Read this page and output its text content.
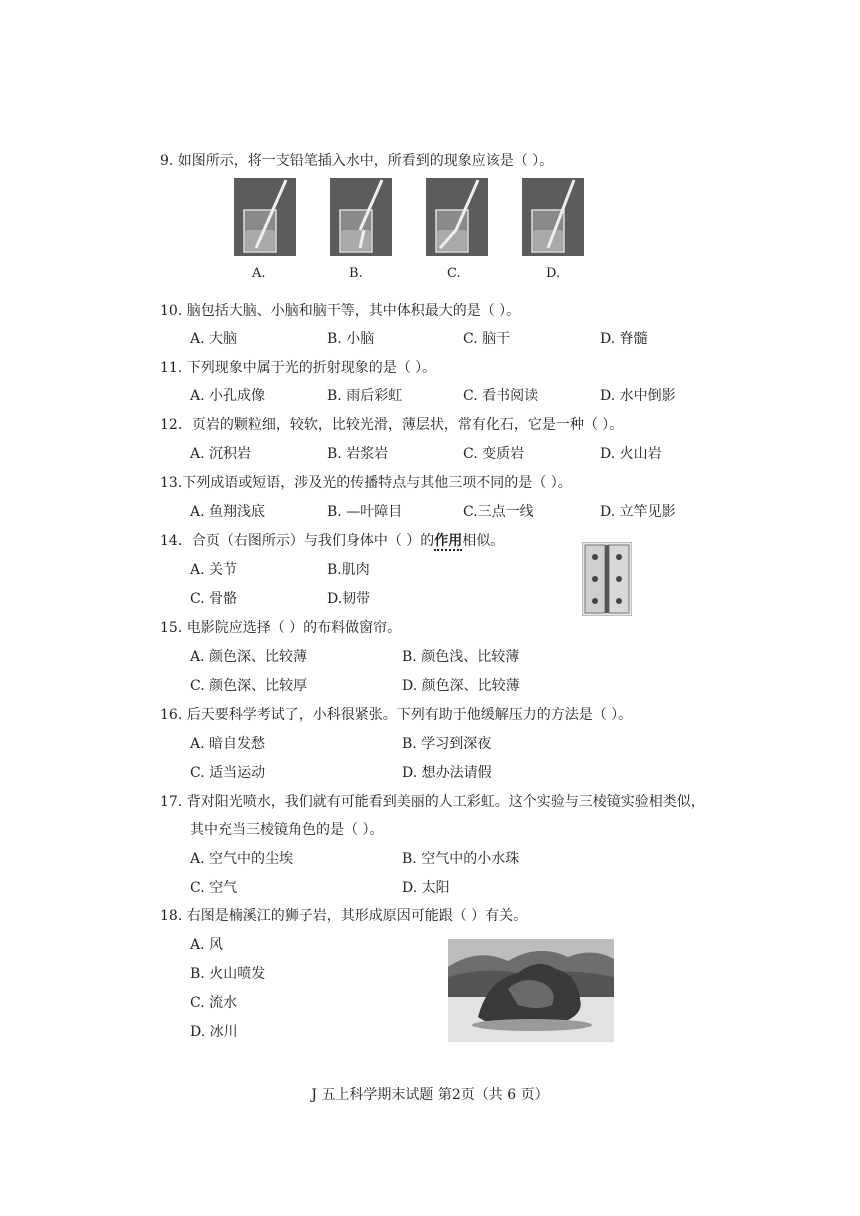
9. 如图所示，将一支铅笔插入水中，所看到的现象应该是（ ）。
A.	B.	C.	D.
10. 脑包括大脑、小脑和脑干等，其中体积最大的是（ ）。
A. 大脑	B. 小脑	C. 脑干	D. 脊髓
11. 下列现象中属于光的折射现象的是（ ）。
A. 小孔成像	B. 雨后彩虹	C. 看书阅读	D. 水中倒影
12．页岩的颗粒细，较软，比较光滑，薄层状，常有化石，它是一种（ ）。
A. 沉积岩	B. 岩浆岩	C. 变质岩	D. 火山岩
13.下列成语或短语，涉及光的传播特点与其他三项不同的是（ ）。
A. 鱼翔浅底	B. —叶障目	C.三点一线	D. 立竿见影
14．合页（右图所示）与我们身体中（ ）的作用相似。
A. 关节	B.肌肉
C. 骨骼	D.韧带
15. 电影院应选择（ ）的布料做窗帘。
A. 颜色深、比较薄	B. 颜色浅、比较薄
C. 颜色深、比较厚	D. 颜色深、比较薄
16. 后天要科学考试了，小科很紧张。下列有助于他缓解压力的方法是（ ）。
A. 暗自发愁	B. 学习到深夜
C. 适当运动	D. 想办法请假
17. 背对阳光喷水，我们就有可能看到美丽的人工彩虹。这个实验与三棱镜实验相类似，
其中充当三棱镜角色的是（ ）。
A. 空气中的尘埃	B. 空气中的小水珠
C. 空气	D. 太阳
18. 右图是楠溪江的狮子岩，其形成原因可能跟（ ）有关。
A. 风
B. 火山喷发
C. 流水
D. 冰川
J 五上科学期末试题 第2页（共 6 页）
